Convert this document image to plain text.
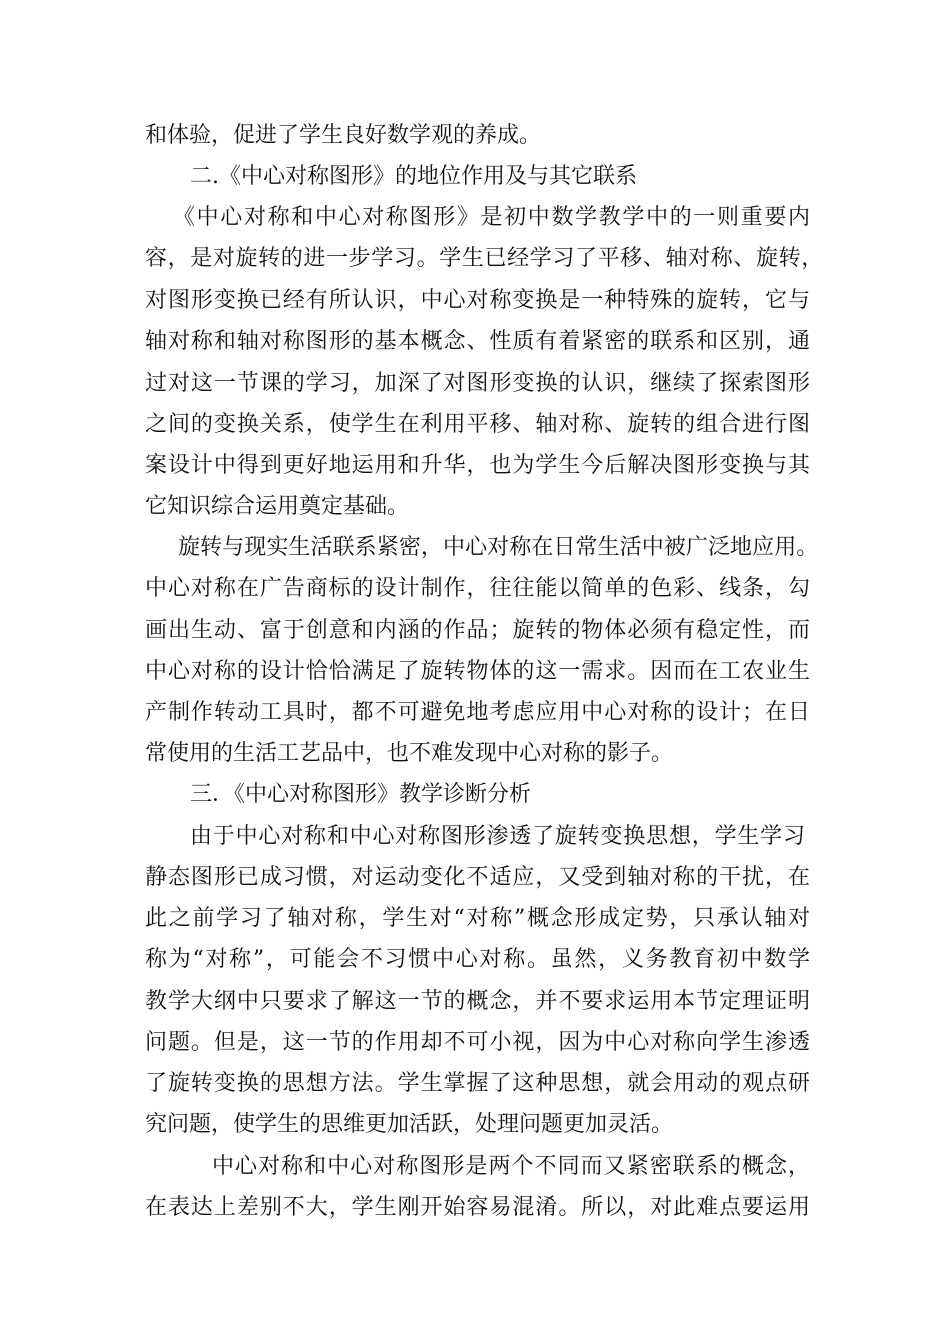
和体验，促进了学生良好数学观的养成。
二.《中心对称图形》的地位作用及与其它联系
《中心对称和中心对称图形》是初中数学教学中的一则重要内
容，是对旋转的进一步学习。学生已经学习了平移、轴对称、旋转，
对图形变换已经有所认识，中心对称变换是一种特殊的旋转，它与
轴对称和轴对称图形的基本概念、性质有着紧密的联系和区别，通
过对这一节课的学习，加深了对图形变换的认识，继续了探索图形
之间的变换关系，使学生在利用平移、轴对称、旋转的组合进行图
案设计中得到更好地运用和升华，也为学生今后解决图形变换与其
它知识综合运用奠定基础。
旋转与现实生活联系紧密，中心对称在日常生活中被广泛地应用。
中心对称在广告商标的设计制作，往往能以简单的色彩、线条，勾
画出生动、富于创意和内涵的作品；旋转的物体必须有稳定性，而
中心对称的设计恰恰满足了旋转物体的这一需求。因而在工农业生
产制作转动工具时，都不可避免地考虑应用中心对称的设计；在日
常使用的生活工艺品中，也不难发现中心对称的影子。
三．《中心对称图形》教学诊断分析
由于中心对称和中心对称图形渗透了旋转变换思想，学生学习
静态图形已成习惯，对运动变化不适应，又受到轴对称的干扰，在
此之前学习了轴对称，学生对“对称”概念形成定势，只承认轴对
称为“对称”，可能会不习惯中心对称。虽然，义务教育初中数学
教学大纲中只要求了解这一节的概念，并不要求运用本节定理证明
问题。但是，这一节的作用却不可小视，因为中心对称向学生渗透
了旋转变换的思想方法。学生掌握了这种思想，就会用动的观点研
究问题，使学生的思维更加活跃，处理问题更加灵活。
中心对称和中心对称图形是两个不同而又紧密联系的概念，
在表达上差别不大，学生刚开始容易混淆。所以，对此难点要运用
